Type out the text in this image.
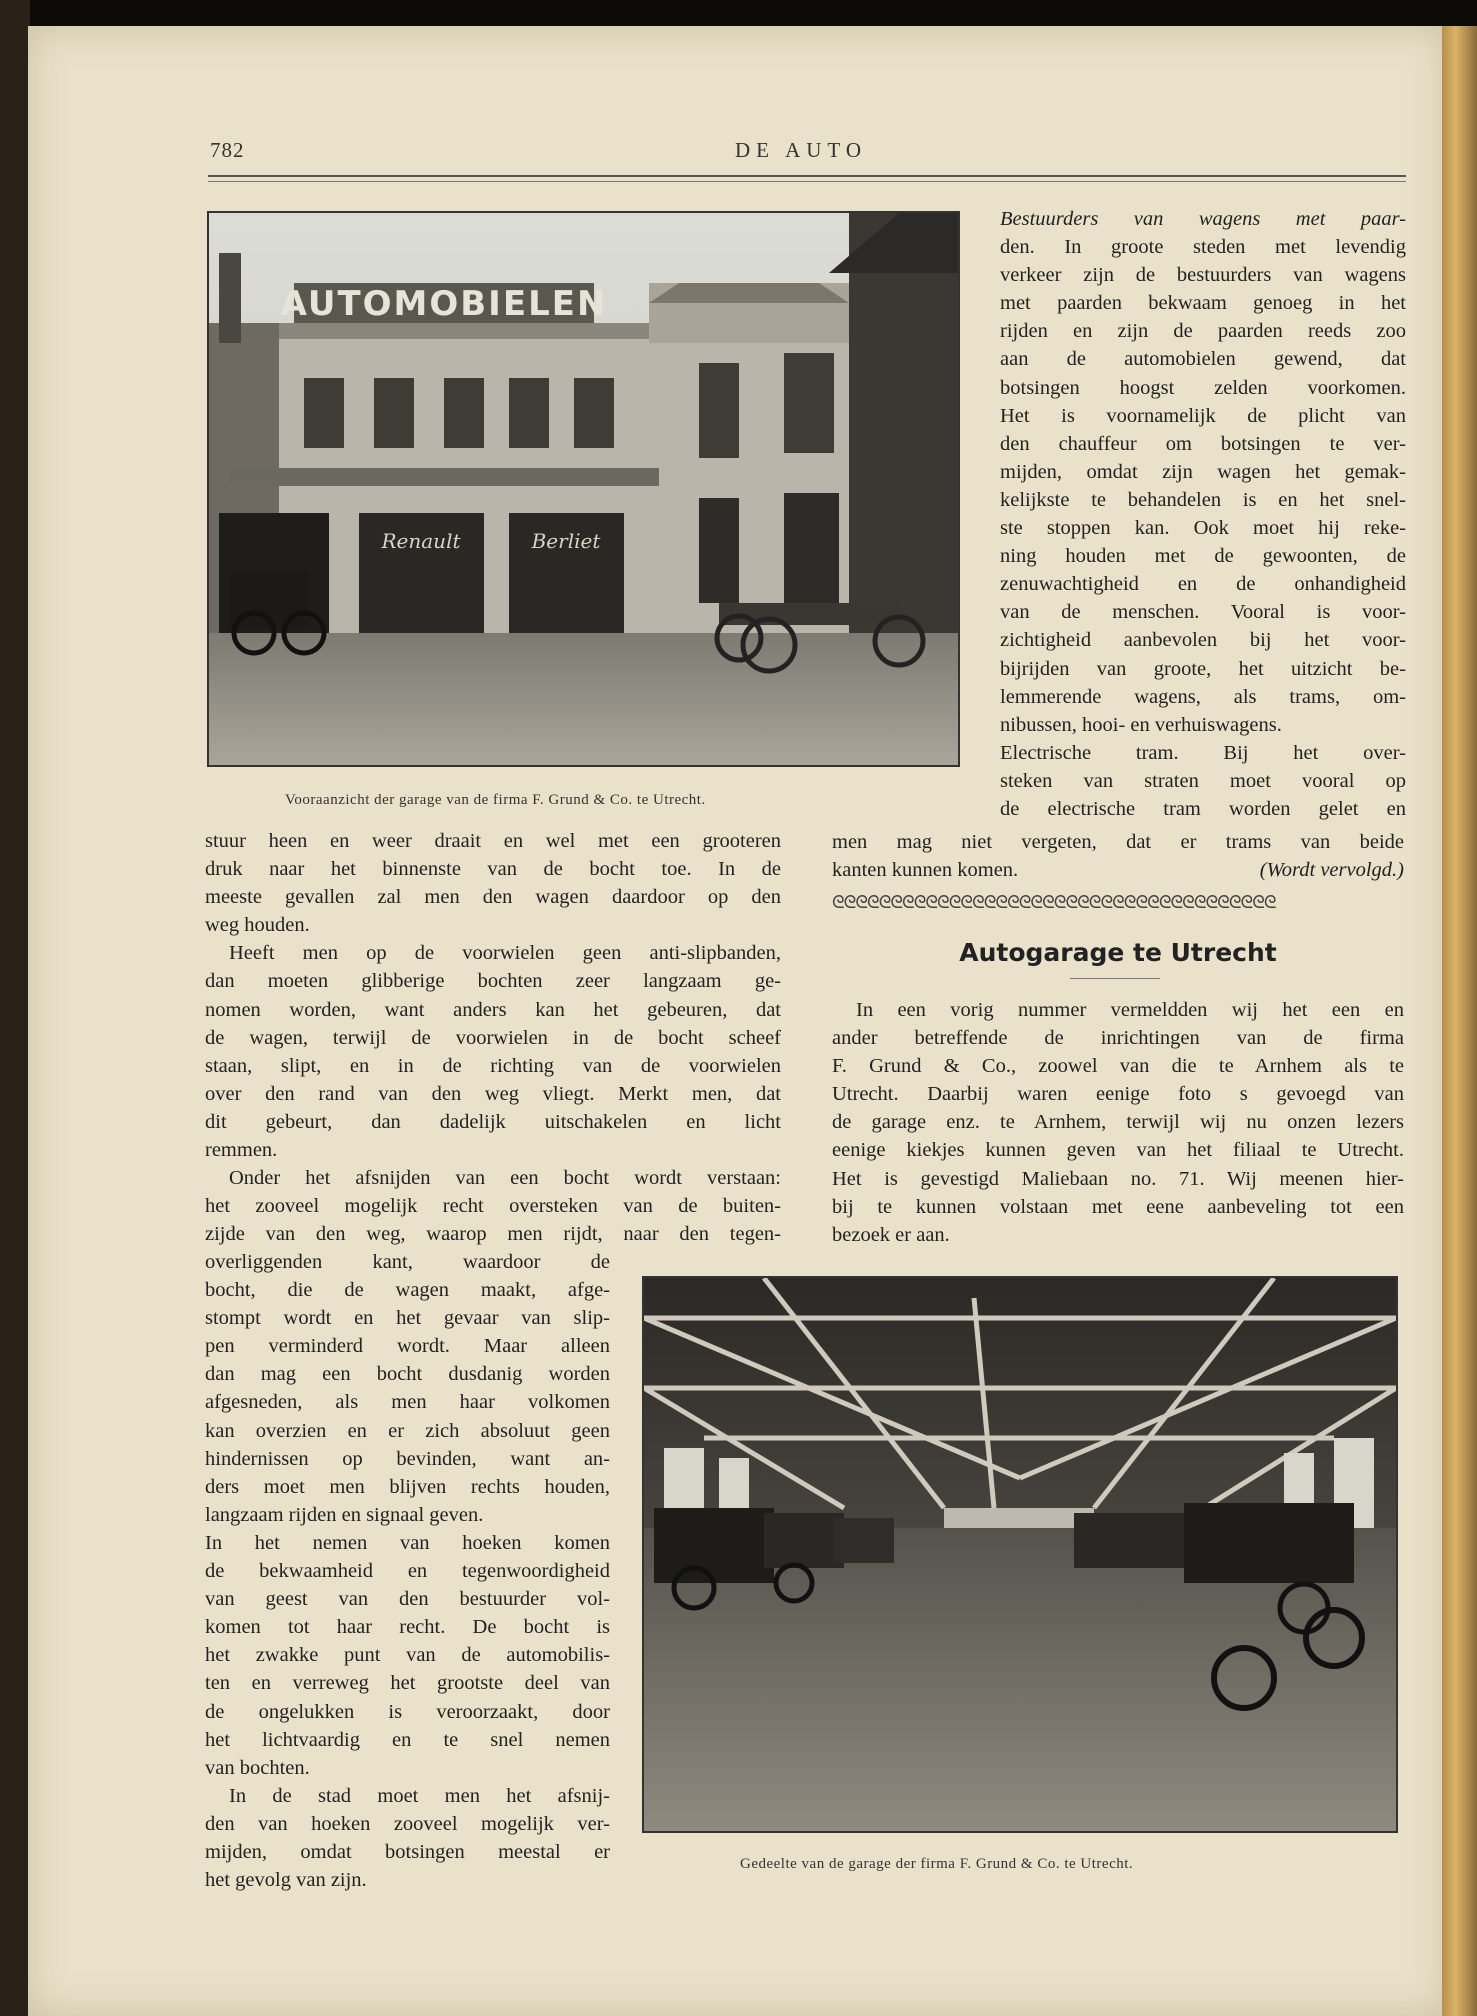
782	DE AUTO
AUTOMOBIELEN
Renault	Berliet
Vooraanzicht der garage van de firma F. Grund & Co. te Utrecht.
Bestuurders van wagens met paar-
den. In groote steden met levendig
verkeer zijn de bestuurders van wagens
met paarden bekwaam genoeg in het
rijden en zijn de paarden reeds zoo
aan de automobielen gewend, dat
botsingen hoogst zelden voorkomen.
Het is voornamelijk de plicht van
den chauffeur om botsingen te ver-
mijden, omdat zijn wagen het gemak-
kelijkste te behandelen is en het snel-
ste stoppen kan. Ook moet hij reke-
ning houden met de gewoonten, de
zenuwachtigheid en de onhandigheid
van de menschen. Vooral is voor-
zichtigheid aanbevolen bij het voor-
bijrijden van groote, het uitzicht be-
lemmerende wagens, als trams, om-
nibussen, hooi- en verhuiswagens.
Electrische tram. Bij het over-
steken van straten moet vooral op
de electrische tram worden gelet en
men mag niet vergeten, dat er trams van beide
kanten kunnen komen.	(Wordt vervolgd.)
ᘓᘓᘓᘓᘓᘓᘓᘓᘓᘓᘓᘓᘓᘓᘓᘓᘓᘓᘓᘓᘓᘓᘓᘓᘓᘓᘓᘓᘓᘓᘓᘓᘓᘓᘓᘓᘓᘓ
Autogarage te Utrecht
In een vorig nummer vermeldden wij het een en
ander betreffende de inrichtingen van de firma
F. Grund & Co., zoowel van die te Arnhem als te
Utrecht. Daarbij waren eenige foto s gevoegd van
de garage enz. te Arnhem, terwijl wij nu onzen lezers
eenige kiekjes kunnen geven van het filiaal te Utrecht.
Het is gevestigd Maliebaan no. 71. Wij meenen hier-
bij te kunnen volstaan met eene aanbeveling tot een
bezoek er aan.
stuur heen en weer draait en wel met een grooteren
druk naar het binnenste van de bocht toe. In de
meeste gevallen zal men den wagen daardoor op den
weg houden.
Heeft men op de voorwielen geen anti-slipbanden,
dan moeten glibberige bochten zeer langzaam ge-
nomen worden, want anders kan het gebeuren, dat
de wagen, terwijl de voorwielen in de bocht scheef
staan, slipt, en in de richting van de voorwielen
over den rand van den weg vliegt. Merkt men, dat
dit gebeurt, dan dadelijk uitschakelen en licht
remmen.
Onder het afsnijden van een bocht wordt verstaan:
het zooveel mogelijk recht oversteken van de buiten-
zijde van den weg, waarop men rijdt, naar den tegen-
overliggenden kant, waardoor de
bocht, die de wagen maakt, afge-
stompt wordt en het gevaar van slip-
pen verminderd wordt. Maar alleen
dan mag een bocht dusdanig worden
afgesneden, als men haar volkomen
kan overzien en er zich absoluut geen
hindernissen op bevinden, want an-
ders moet men blijven rechts houden,
langzaam rijden en signaal geven.
In het nemen van hoeken komen
de bekwaamheid en tegenwoordigheid
van geest van den bestuurder vol-
komen tot haar recht. De bocht is
het zwakke punt van de automobilis-
ten en verreweg het grootste deel van
de ongelukken is veroorzaakt, door
het lichtvaardig en te snel nemen
van bochten.
In de stad moet men het afsnij-
den van hoeken zooveel mogelijk ver-
mijden, omdat botsingen meestal er
het gevolg van zijn.
Gedeelte van de garage der firma F. Grund & Co. te Utrecht.
